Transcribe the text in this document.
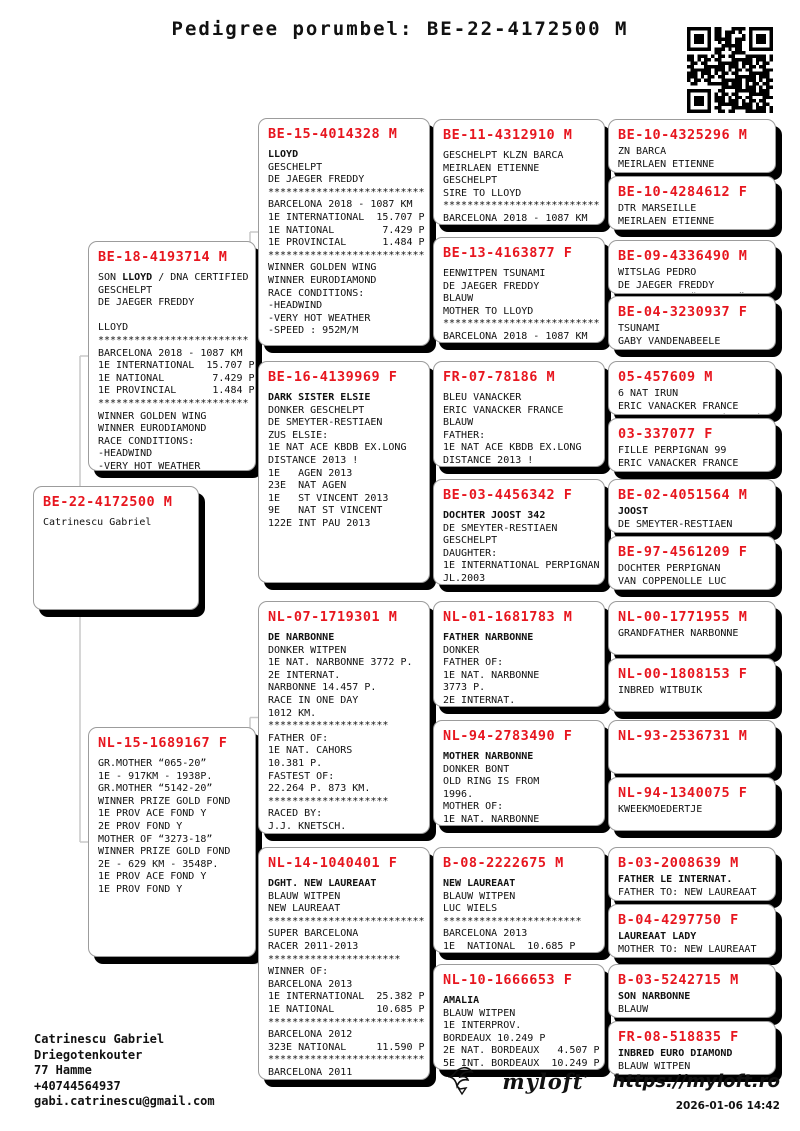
Pedigree porumbel: BE-22-4172500 M
BE-22-4172500 M
Catrinescu Gabriel
BE-18-4193714 M
SON LLOYD / DNA CERTIFIED
GESCHELPT
DE JAEGER FREDDY

LLOYD
*************************
BARCELONA 2018 - 1087 KM
1E INTERNATIONAL  15.707 P
1E NATIONAL        7.429 P
1E PROVINCIAL      1.484 P
*************************
WINNER GOLDEN WING
WINNER EURODIAMOND
RACE CONDITIONS:
-HEADWIND
-VERY HOT WEATHER
NL-15-1689167 F
GR.MOTHER “065-20”
1E - 917KM - 1938P.
GR.MOTHER “5142-20”
WINNER PRIZE GOLD FOND
1E PROV ACE FOND Y
2E PROV FOND Y
MOTHER OF “3273-18”
WINNER PRIZE GOLD FOND
2E - 629 KM - 3548P.
1E PROV ACE FOND Y
1E PROV FOND Y
BE-15-4014328 M
LLOYD
GESCHELPT
DE JAEGER FREDDY
**************************
BARCELONA 2018 - 1087 KM
1E INTERNATIONAL  15.707 P
1E NATIONAL        7.429 P
1E PROVINCIAL      1.484 P
**************************
WINNER GOLDEN WING
WINNER EURODIAMOND
RACE CONDITIONS:
-HEADWIND
-VERY HOT WEATHER
-SPEED : 952M/M
BE-16-4139969 F
DARK SISTER ELSIE
DONKER GESCHELPT
DE SMEYTER-RESTIAEN
ZUS ELSIE:
1E NAT ACE KBDB EX.LONG
DISTANCE 2013 !
1E   AGEN 2013
23E  NAT AGEN
1E   ST VINCENT 2013
9E   NAT ST VINCENT
122E INT PAU 2013
NL-07-1719301 M
DE NARBONNE
DONKER WITPEN
1E NAT. NARBONNE 3772 P.
2E INTERNAT.
NARBONNE 14.457 P.
RACE IN ONE DAY
1012 KM.
********************
FATHER OF:
1E NAT. CAHORS
10.381 P.
FASTEST OF:
22.264 P. 873 KM.
********************
RACED BY:
J.J. KNETSCH.
NL-14-1040401 F
DGHT. NEW LAUREAAT
BLAUW WITPEN
NEW LAUREAAT
**************************
SUPER BARCELONA
RACER 2011-2013
**********************
WINNER OF:
BARCELONA 2013
1E INTERNATIONAL  25.382 P
1E NATIONAL       10.685 P
**************************
BARCELONA 2012
323E NATIONAL     11.590 P
**************************
BARCELONA 2011
BE-11-4312910 M
GESCHELPT KLZN BARCA
MEIRLAEN ETIENNE
GESCHELPT
SIRE TO LLOYD
**************************
BARCELONA 2018 - 1087 KM
BE-13-4163877 F
EENWITPEN TSUNAMI
DE JAEGER FREDDY
BLAUW
MOTHER TO LLOYD
**************************
BARCELONA 2018 - 1087 KM
FR-07-78186 M
BLEU VANACKER
ERIC VANACKER FRANCE
BLAUW
FATHER:
1E NAT ACE KBDB EX.LONG
DISTANCE 2013 !
BE-03-4456342 F
DOCHTER JOOST 342
DE SMEYTER-RESTIAEN
GESCHELPT
DAUGHTER:
1E INTERNATIONAL PERPIGNAN
JL.2003
NL-01-1681783 M
FATHER NARBONNE
DONKER
FATHER OF:
1E NAT. NARBONNE
3773 P.
2E INTERNAT.
NL-94-2783490 F
MOTHER NARBONNE
DONKER BONT
OLD RING IS FROM
1996.
MOTHER OF:
1E NAT. NARBONNE
B-08-2222675 M
NEW LAUREAAT
BLAUW WITPEN
LUC WIELS
***********************
BARCELONA 2013
1E  NATIONAL  10.685 P
NL-10-1666653 F
AMALIA
BLAUW WITPEN
1E INTERPROV.
BORDEAUX 10.249 P
2E NAT. BORDEAUX   4.507 P
5E INT. BORDEAUX  10.249 P
BE-10-4325296 M
ZN BARCA
MEIRLAEN ETIENNE
BE-10-4284612 F
DTR MARSEILLE
MEIRLAEN ETIENNE
BE-09-4336490 M
WITSLAG PEDRO
DE JAEGER FREDDY
BE-04-3230937 F
TSUNAMI
GABY VANDENABEELE
05-457609 M
6 NAT IRUN
ERIC VANACKER FRANCE
03-337077 F
FILLE PERPIGNAN 99
ERIC VANACKER FRANCE
BE-02-4051564 M
JOOST
DE SMEYTER-RESTIAEN
BE-97-4561209 F
DOCHTER PERPIGNAN
VAN COPPENOLLE LUC
NL-00-1771955 M
GRANDFATHER NARBONNE

NL-00-1808153 F
INBRED WITBUIK

NL-93-2536731 M

NL-94-1340075 F
KWEEKMOEDERTJE

B-03-2008639 M
FATHER LE INTERNAT.
FATHER TO: NEW LAUREAAT
B-04-4297750 F
LAUREAAT LADY
MOTHER TO: NEW LAUREAAT
B-03-5242715 M
SON NARBONNE
BLAUW
FR-08-518835 F
INBRED EURO DIAMOND
BLAUW WITPEN
Catrinescu Gabriel
Driegotenkouter
77 Hamme
+40744564937
gabi.catrinescu@gmail.com
myloft° https://myloft.ro
2026-01-06 14:42
